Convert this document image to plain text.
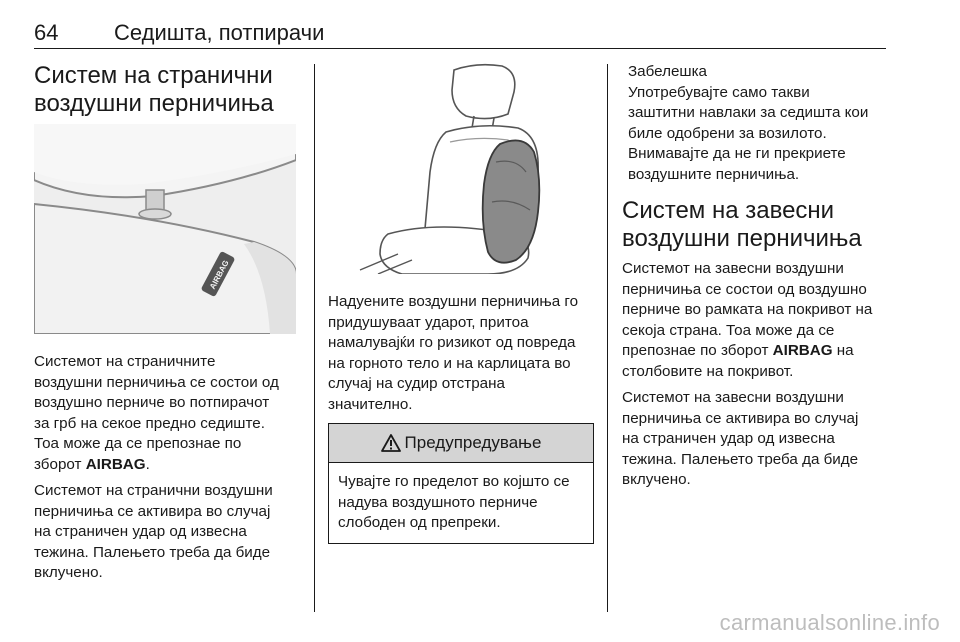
64	Седишта, потпирачи
Систем на странични
воздушни перничиња
AIRBAG

Системот на страничните
воздушни перничиња се состои од
воздушно перниче во потпирачот
за грб на секое предно седиште.
Тоа може да се препознае по
зборот AIRBAG.

Системот на странични воздушни
перничиња се активира во случај
на страничен удар од извесна
тежина. Палењето треба да биде
вклучено.

Надуените воздушни перничиња го
придушуваат ударот, притоа
намалувајќи го ризикот од повреда
на горното тело и на карлицата во
случај на судир отстрана
значително.

Предупредување

Чувајте го пределот во којшто се
надува воздушното перниче
слободен од препреки.

Забелешка

Употребувајте само такви
заштитни навлаки за седишта кои
биле одобрени за возилото.
Внимавајте да не ги прекриете
воздушните перничиња.

Систем на завесни
воздушни перничиња

Системот на завесни воздушни
перничиња се состои од воздушно
перниче во рамката на покривот на
секоја страна. Тоа може да се
препознае по зборот AIRBAG на
столбовите на покривот.

Системот на завесни воздушни
перничиња се активира во случај
на страничен удар од извесна
тежина. Палењето треба да биде
вклучено.

carmanualsonline.info
